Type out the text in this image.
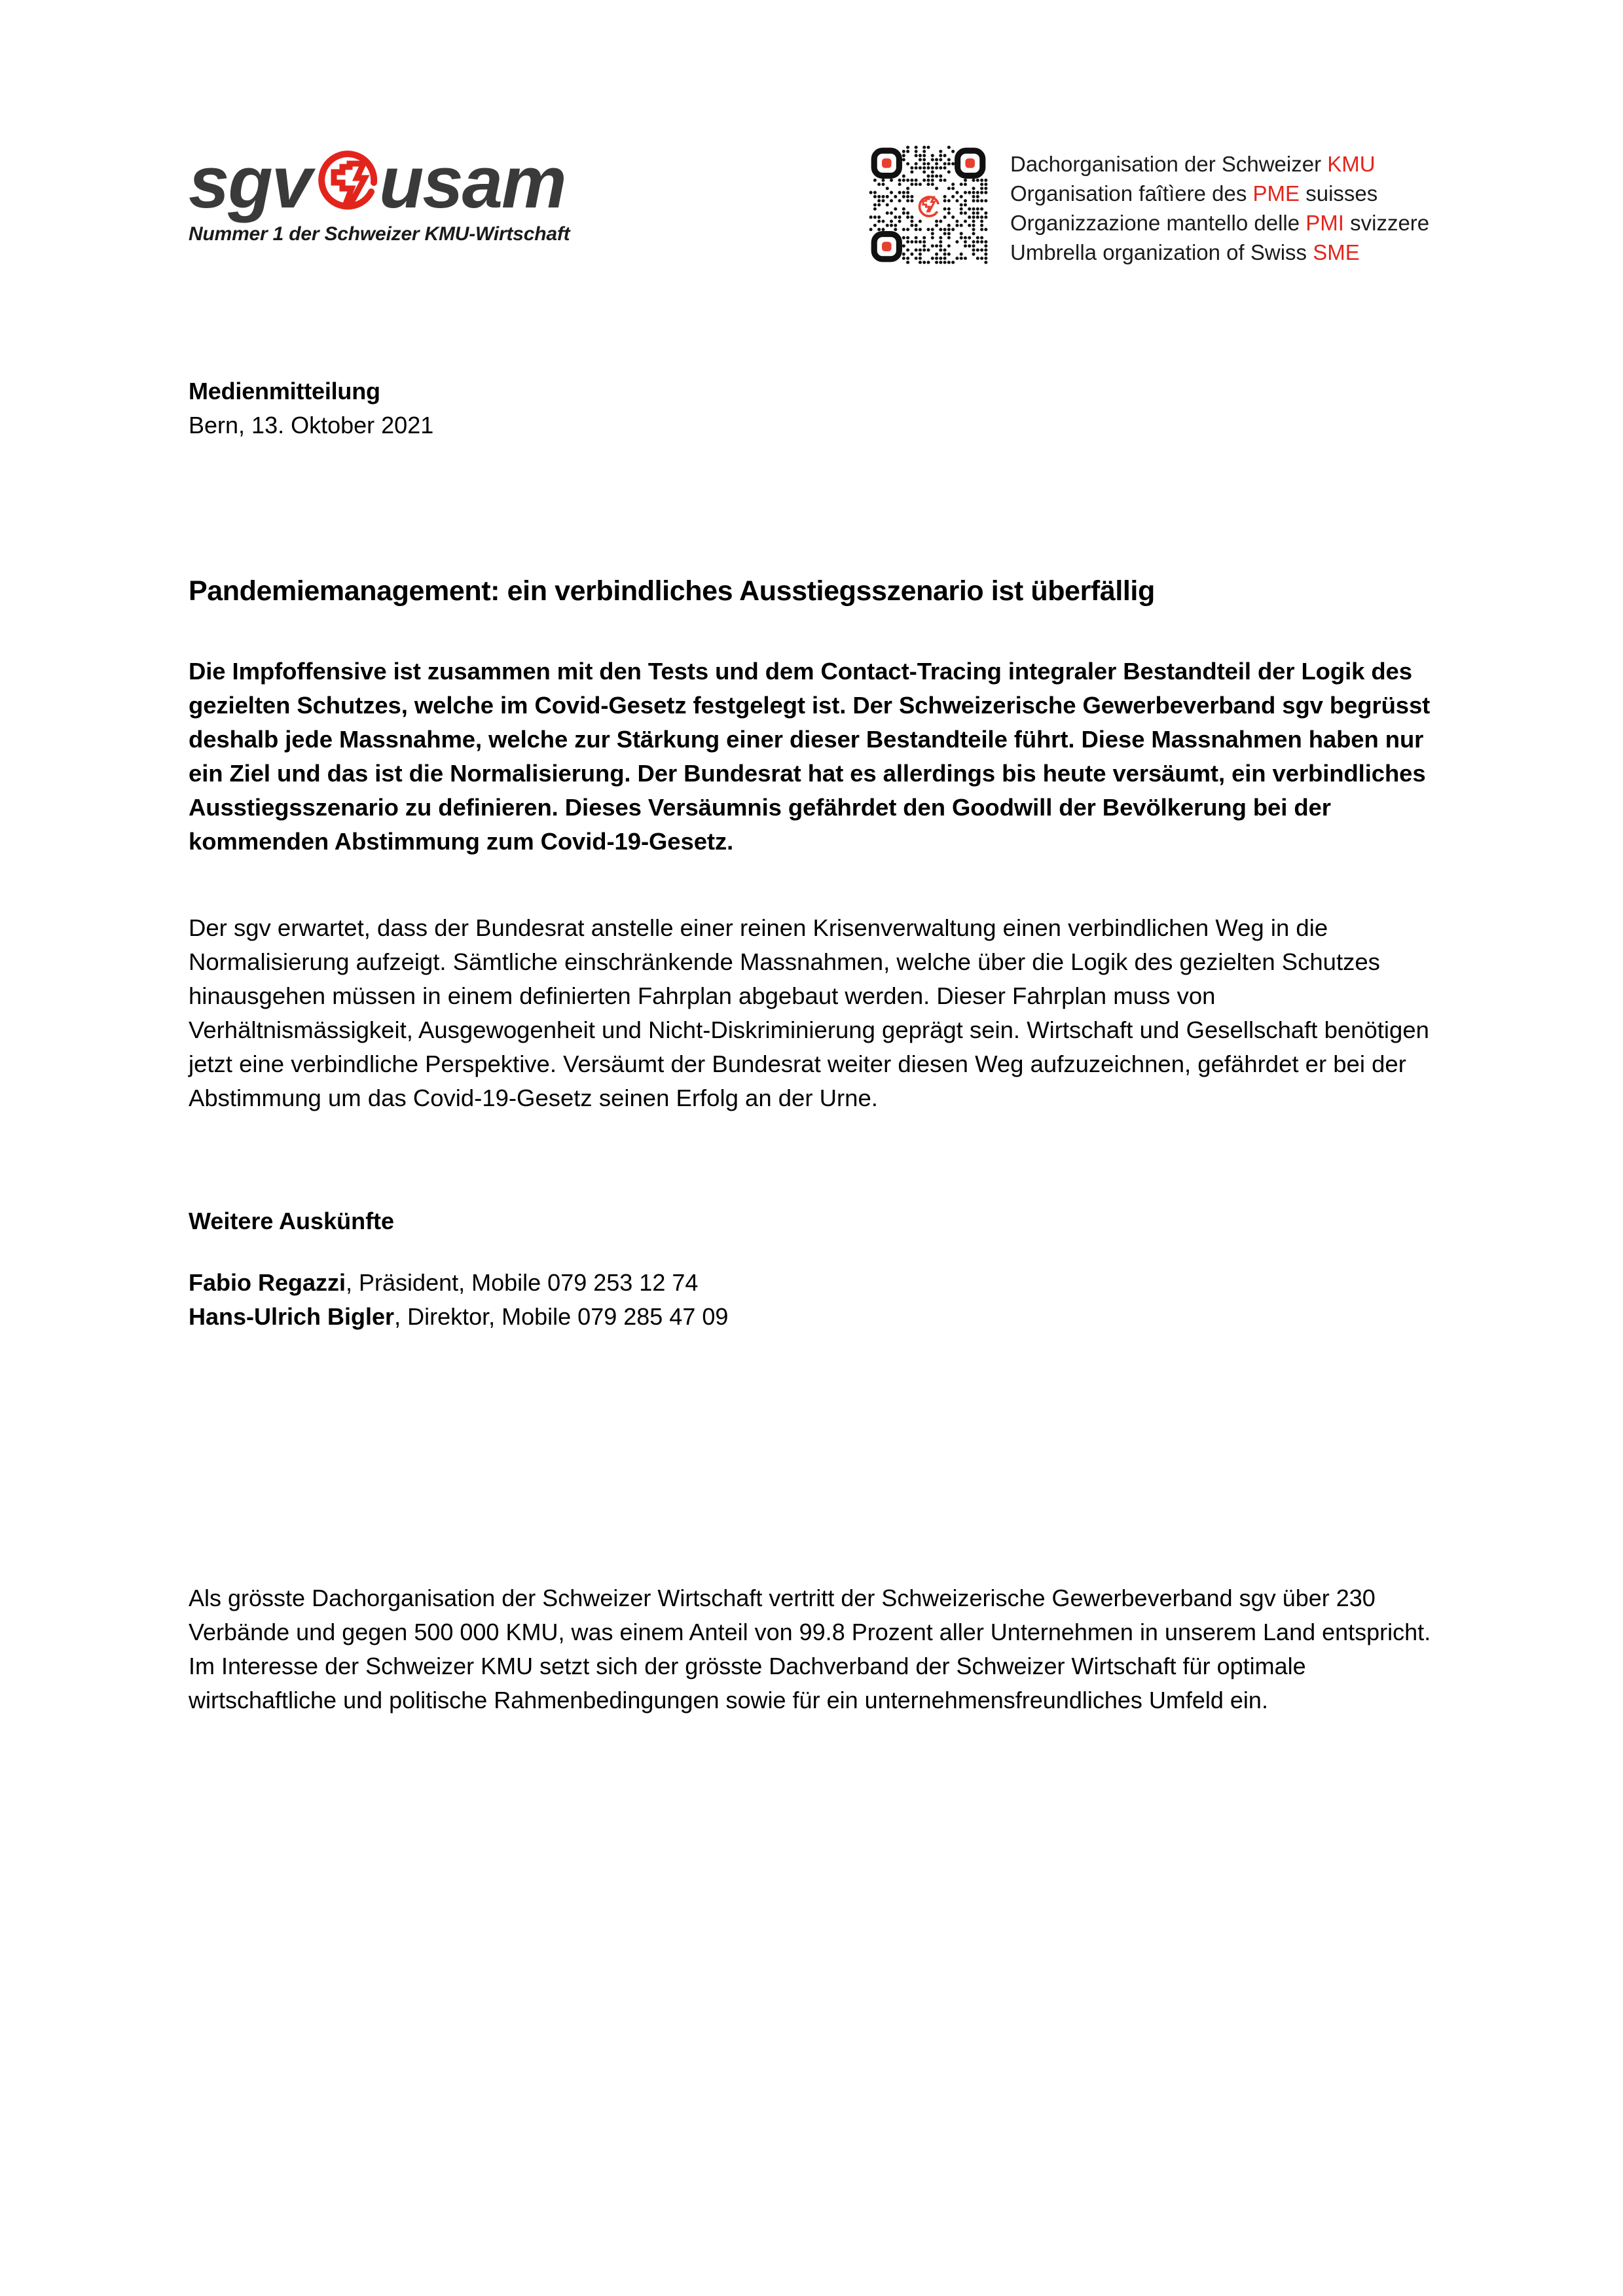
sgv usam
Nummer 1 der Schweizer KMU-Wirtschaft
Dachorganisation der Schweizer KMU
Organisation faîtìere des PME suisses
Organizzazione mantello delle PMI svizzere
Umbrella organization of Swiss SME
Medienmitteilung
Bern, 13. Oktober 2021
Pandemiemanagement: ein verbindliches Ausstiegsszenario ist überfällig

Die Impfoffensive ist zusammen mit den Tests und dem Contact-Tracing integraler Bestandteil der Logik des gezielten Schutzes, welche im Covid-Gesetz festgelegt ist. Der Schweizerische Gewerbeverband sgv begrüsst deshalb jede Massnahme, welche zur Stärkung einer dieser Bestandteile führt. Diese Massnahmen haben nur ein Ziel und das ist die Normalisierung. Der Bundesrat hat es allerdings bis heute versäumt, ein verbindliches Ausstiegsszenario zu definieren. Dieses Versäumnis gefährdet den Goodwill der Bevölkerung bei der kommenden Abstimmung zum Covid-19-Gesetz.

Der sgv erwartet, dass der Bundesrat anstelle einer reinen Krisenverwaltung einen verbindlichen Weg in die Normalisierung aufzeigt. Sämtliche einschränkende Massnahmen, welche über die Logik des gezielten Schutzes hinausgehen müssen in einem definierten Fahrplan abgebaut werden. Dieser Fahrplan muss von Verhältnismässigkeit, Ausgewogenheit und Nicht-Diskriminierung geprägt sein. Wirtschaft und Gesellschaft benötigen jetzt eine verbindliche Perspektive. Versäumt der Bundesrat weiter diesen Weg aufzuzeichnen, gefährdet er bei der Abstimmung um das Covid-19-Gesetz seinen Erfolg an der Urne.

Weitere Auskünfte
Fabio Regazzi, Präsident, Mobile 079 253 12 74
Hans-Ulrich Bigler, Direktor, Mobile 079 285 47 09

Als grösste Dachorganisation der Schweizer Wirtschaft vertritt der Schweizerische Gewerbeverband sgv über 230 Verbände und gegen 500 000 KMU, was einem Anteil von 99.8 Prozent aller Unternehmen in unserem Land entspricht. Im Interesse der Schweizer KMU setzt sich der grösste Dachverband der Schweizer Wirtschaft für optimale wirtschaftliche und politische Rahmenbedingungen sowie für ein unternehmensfreundliches Umfeld ein.
